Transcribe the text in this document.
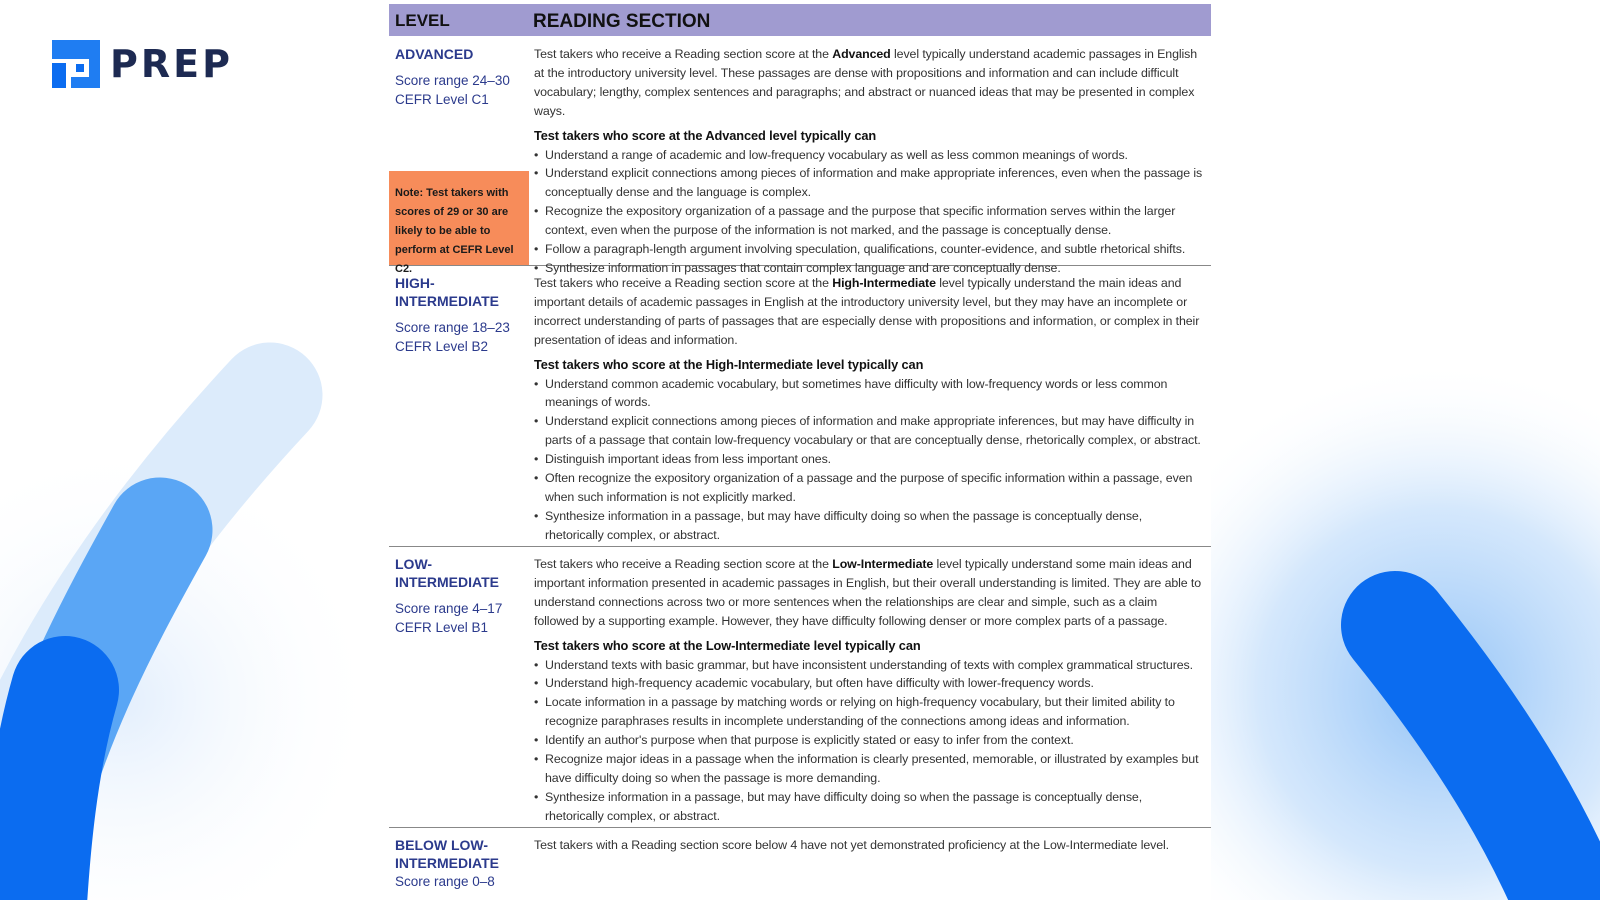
PREP
LEVEL	READING SECTION
ADVANCED
Score range 24–30
CEFR Level C1
Note: Test takers with scores of 29 or 30 are likely to be able to perform at CEFR Level C2.
Test takers who receive a Reading section score at the Advanced level typically understand academic passages in English at the introductory university level. These passages are dense with propositions and information and can include difficult vocabulary; lengthy, complex sentences and paragraphs; and abstract or nuanced ideas that may be presented in complex ways.
Test takers who score at the Advanced level typically can
• Understand a range of academic and low-frequency vocabulary as well as less common meanings of words.
• Understand explicit connections among pieces of information and make appropriate inferences, even when the passage is conceptually dense and the language is complex.
• Recognize the expository organization of a passage and the purpose that specific information serves within the larger context, even when the purpose of the information is not marked, and the passage is conceptually dense.
• Follow a paragraph-length argument involving speculation, qualifications, counter-evidence, and subtle rhetorical shifts.
• Synthesize information in passages that contain complex language and are conceptually dense.
HIGH-INTERMEDIATE
Score range 18–23
CEFR Level B2
Test takers who receive a Reading section score at the High-Intermediate level typically understand the main ideas and important details of academic passages in English at the introductory university level, but they may have an incomplete or incorrect understanding of parts of passages that are especially dense with propositions and information, or complex in their presentation of ideas and information.
Test takers who score at the High-Intermediate level typically can
• Understand common academic vocabulary, but sometimes have difficulty with low-frequency words or less common meanings of words.
• Understand explicit connections among pieces of information and make appropriate inferences, but may have difficulty in parts of a passage that contain low-frequency vocabulary or that are conceptually dense, rhetorically complex, or abstract.
• Distinguish important ideas from less important ones.
• Often recognize the expository organization of a passage and the purpose of specific information within a passage, even when such information is not explicitly marked.
• Synthesize information in a passage, but may have difficulty doing so when the passage is conceptually dense, rhetorically complex, or abstract.
LOW-INTERMEDIATE
Score range 4–17
CEFR Level B1
Test takers who receive a Reading section score at the Low-Intermediate level typically understand some main ideas and important information presented in academic passages in English, but their overall understanding is limited. They are able to understand connections across two or more sentences when the relationships are clear and simple, such as a claim followed by a supporting example. However, they have difficulty following denser or more complex parts of a passage.
Test takers who score at the Low-Intermediate level typically can
• Understand texts with basic grammar, but have inconsistent understanding of texts with complex grammatical structures.
• Understand high-frequency academic vocabulary, but often have difficulty with lower-frequency words.
• Locate information in a passage by matching words or relying on high-frequency vocabulary, but their limited ability to recognize paraphrases results in incomplete understanding of the connections among ideas and information.
• Identify an author's purpose when that purpose is explicitly stated or easy to infer from the context.
• Recognize major ideas in a passage when the information is clearly presented, memorable, or illustrated by examples but have difficulty doing so when the passage is more demanding.
• Synthesize information in a passage, but may have difficulty doing so when the passage is conceptually dense, rhetorically complex, or abstract.
BELOW LOW-INTERMEDIATE
Score range 0–8
Test takers with a Reading section score below 4 have not yet demonstrated proficiency at the Low-Intermediate level.
